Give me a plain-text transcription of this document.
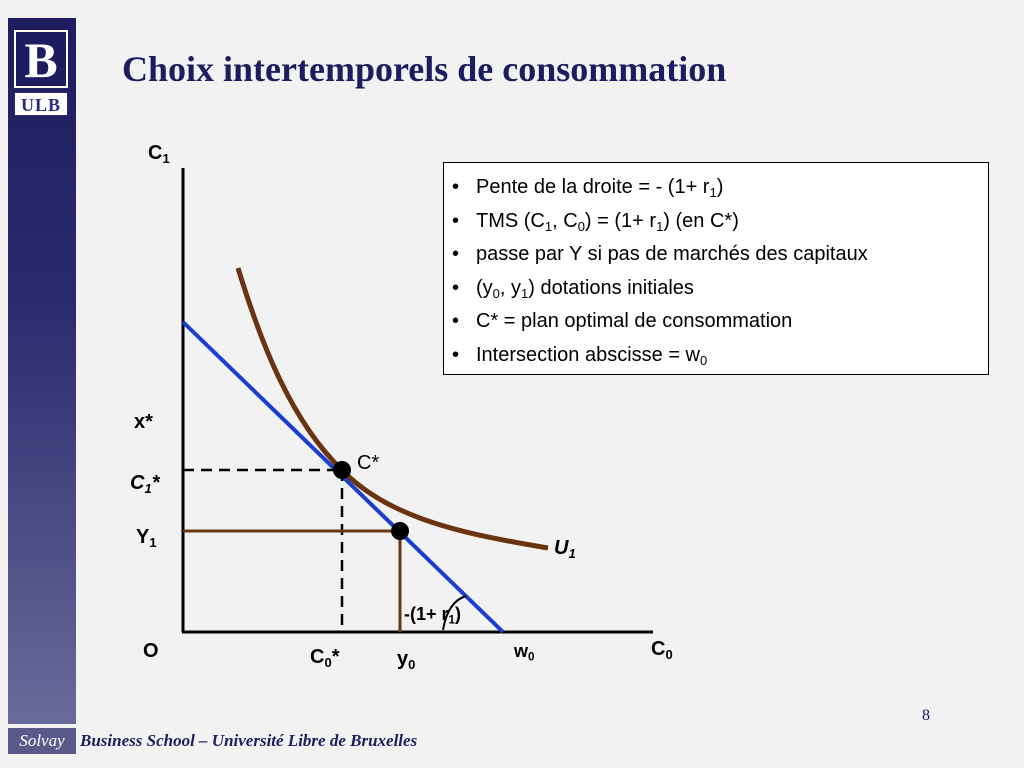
B
ULB
Choix intertemporels de consommation
$C_1$
$C_0$
O
x*
$C_1*$
$Y_1$
$C_0*$	$y_0$
$w_0$
C*
$U_1$
$-(1+ r_1)$
• Pente de la droite = - $(1+ r_1)$
• TMS ($C_1$, $C_0) = (1+ r_1)$ (en C*)
• passe par Y si pas de marchés des capitaux
• ($y_0$, $y_1$) dotations initiales
• C* = plan optimal de consommation
• Intersection abscisse = $w_0$
8
Solvay Business School – Université Libre de Bruxelles
